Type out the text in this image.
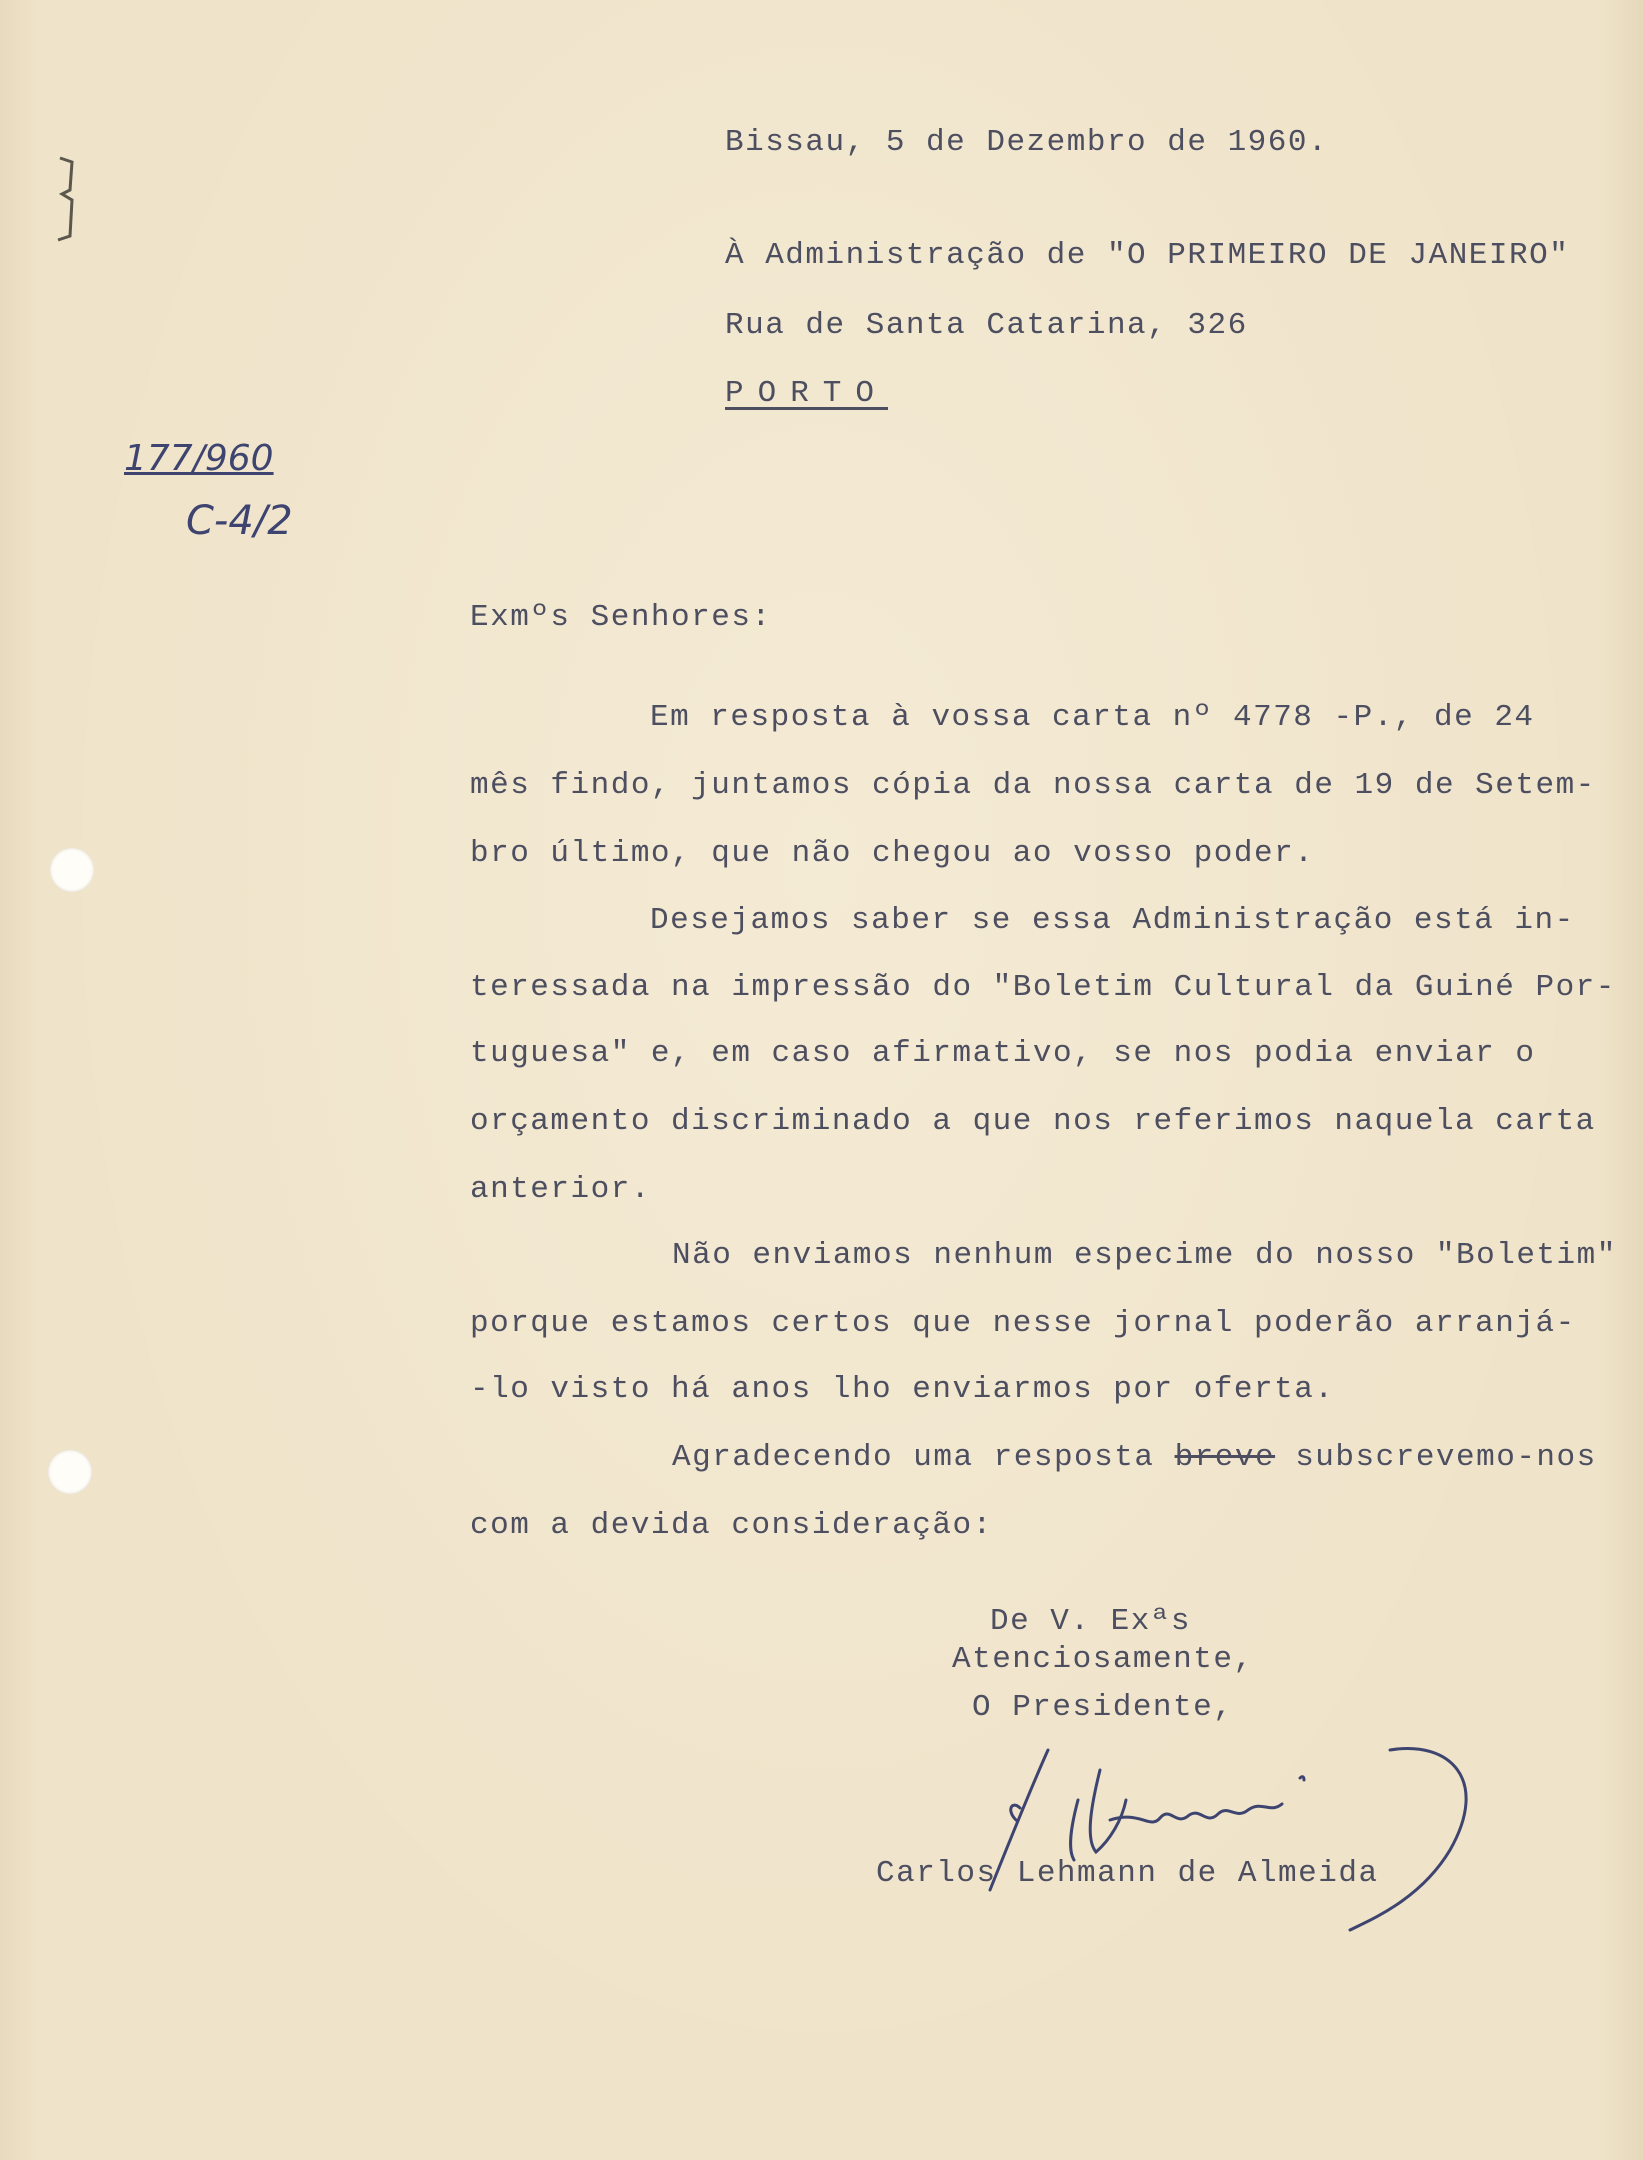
177/960
C-4/2
Bissau, 5 de Dezembro de 1960.
À Administração de "O PRIMEIRO DE JANEIRO"
Rua de Santa Catarina, 326
PORTO
Exmºs Senhores:
Em resposta à vossa carta nº 4778 -P., de 24
mês findo, juntamos cópia da nossa carta de 19 de Setem-
bro último, que não chegou ao vosso poder.
Desejamos saber se essa Administração está in-
teressada na impressão do "Boletim Cultural da Guiné Por-
tuguesa" e, em caso afirmativo, se nos podia enviar o
orçamento discriminado a que nos referimos naquela carta
anterior.
Não enviamos nenhum especime do nosso "Boletim"
porque estamos certos que nesse jornal poderão arranjá-
-lo visto há anos lho enviarmos por oferta.
Agradecendo uma resposta breve subscrevemo-nos
com a devida consideração:
De V. Exªs
Atenciosamente,
O Presidente,
Carlos Lehmann de Almeida
